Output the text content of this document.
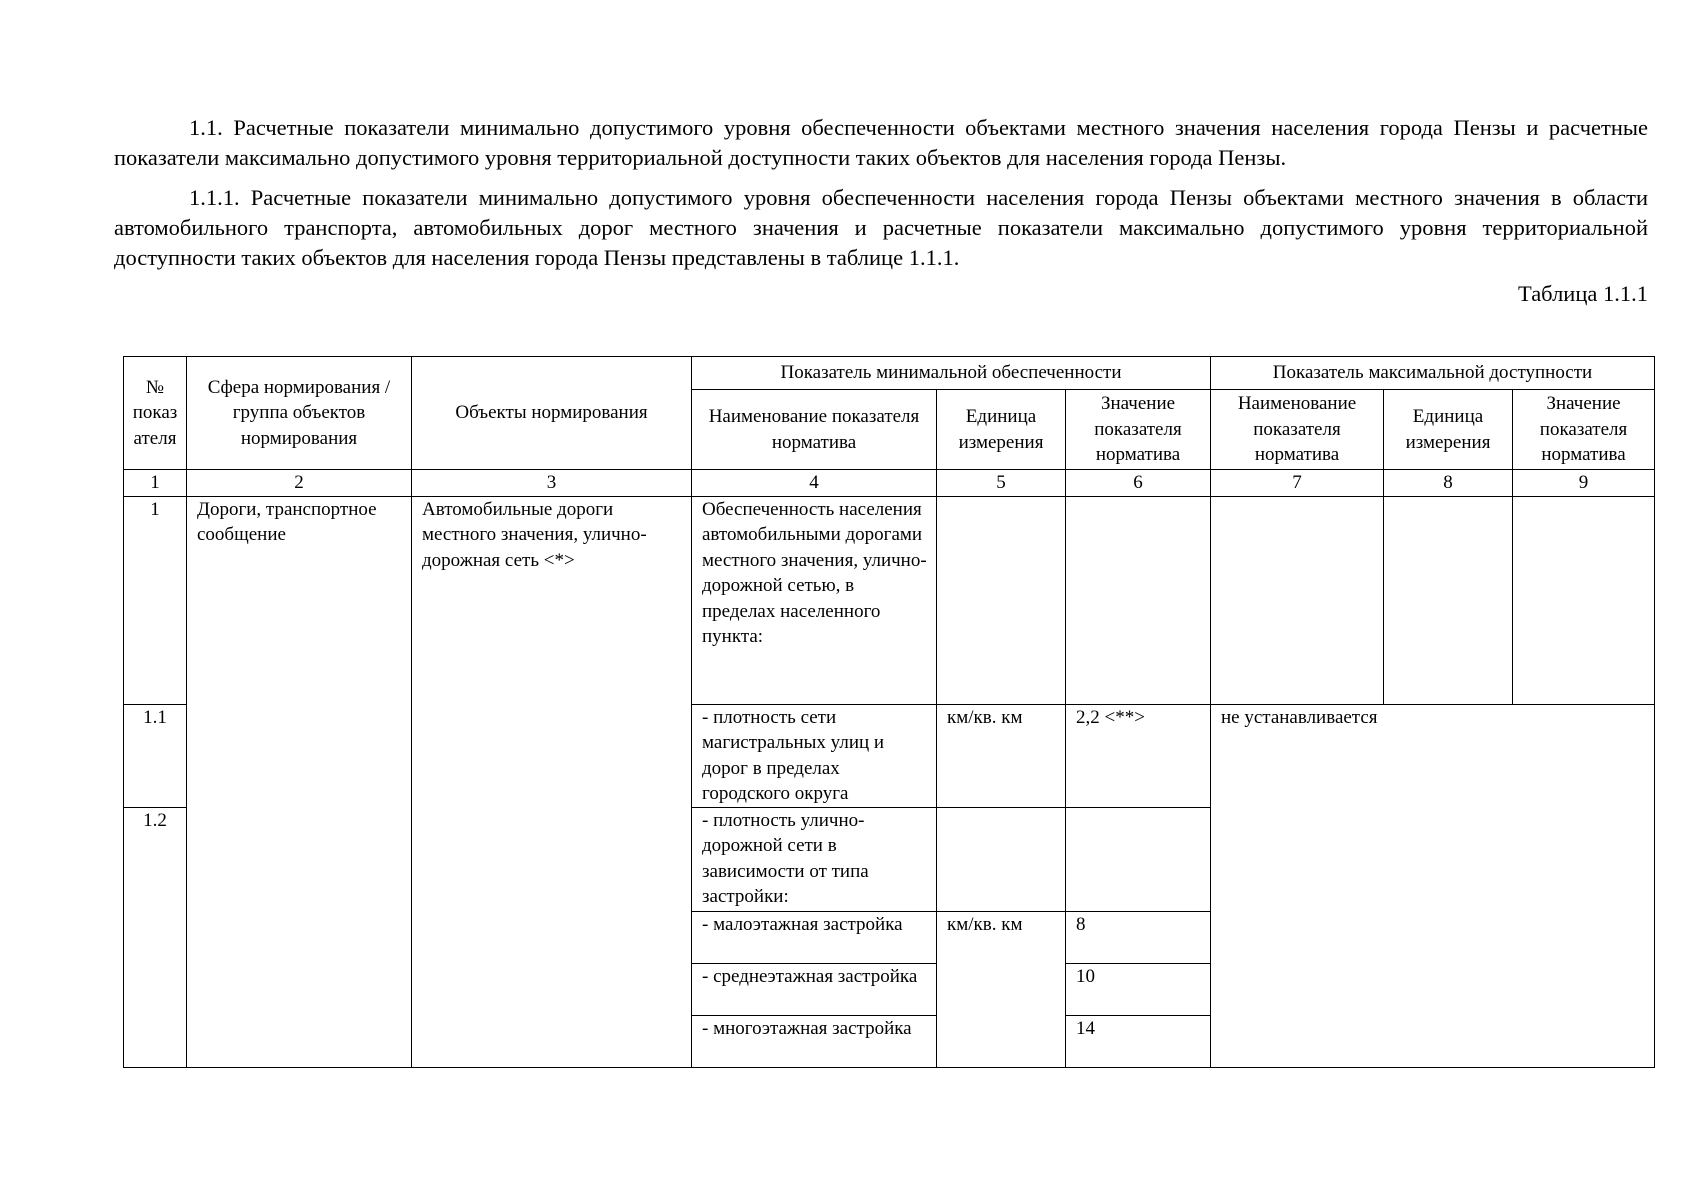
1.1. Расчетные показатели минимально допустимого уровня обеспеченности объектами местного значения населения города Пензы и расчетные показатели максимально допустимого уровня территориальной доступности таких объектов для населения города Пензы.

1.1.1. Расчетные показатели минимально допустимого уровня обеспеченности населения города Пензы объектами местного значения в области автомобильного транспорта, автомобильных дорог местного значения и расчетные показатели максимально допустимого уровня территориальной доступности таких объектов для населения города Пензы представлены в таблице 1.1.1.

Таблица 1.1.1
№ показ ателя	Сфера нормирования / группа объектов нормирования	Объекты нормирования	Показатель минимальной обеспеченности			Показатель максимальной доступности		
			Наименование показателя норматива	Единица измерения	Значение показателя норматива	Наименование показателя норматива	Единица измерения	Значение показателя норматива
1	2	3	4	5	6	7	8	9
1	Дороги, транспортное сообщение	Автомобильные дороги местного значения, улично-дорожная сеть <*>	Обеспеченность населения автомобильными дорогами местного значения, улично-дорожной сетью, в пределах населенного пункта:					
1.1			- плотность сети магистральных улиц и дорог в пределах городского округа	км/кв. км	2,2 <**>	не устанавливается		
1.2			- плотность улично-дорожной сети в зависимости от типа застройки:					
			- малоэтажная застройка	км/кв. км	8			
			- среднеэтажная застройка		10			
			- многоэтажная застройка		14			
